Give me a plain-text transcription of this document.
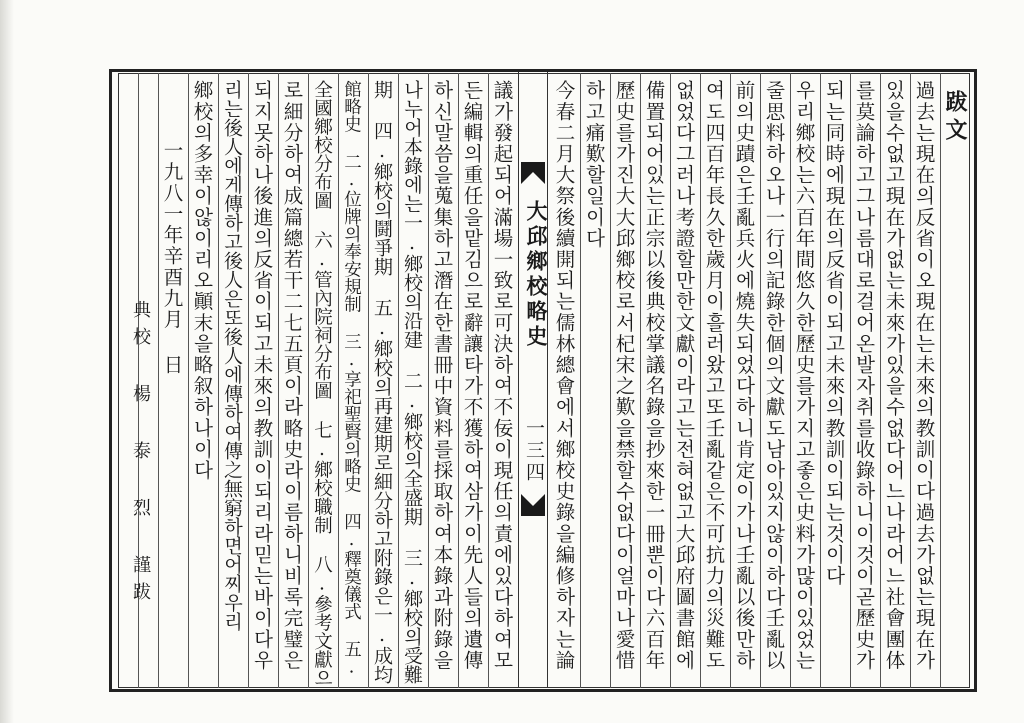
跋文
過去는現在의反省이오現在는未來의教訓이다過去가없는現在가
있을수없고現在가없는未來가있을수없다어느나라어느社會團体
를莫論하고그나름대로걸어온발자취를收錄하니이것이곧歷史가
되는同時에現在의反省이되고未來의教訓이되는것이다
우리鄉校는六百年間悠久한歷史를가지고좋은史料가많이있었는
줄思料하오나一行의記錄한個의文獻도남아있지않이하다壬亂以
前의史蹟은壬亂兵火에燒失되었다하니肯定이가나壬亂以後만하
여도四百年長久한歲月이흘러왔고또壬亂같은不可抗力의災難도
없었다그러나考證할만한文獻이라고는전혀없고大邱府圖書館에
備置되어있는正宗以後典校掌議名錄을抄來한一冊뿐이다六百年
歷史를가진大大邱鄉校로서杞宋之歎을禁할수없다이얼마나愛惜
하고痛歎할일이다
今春二月大祭後續開되는儒林總會에서鄉校史錄을編修하자는論
大邱鄉校略史
一三四
議가發起되어滿場一致로可決하여不佞이現任의責에있다하여모
든編輯의重任을맡김으로辭讓타가不獲하여삼가이先人들의遺傳
하신말씀을蒐集하고潛在한書冊中資料를採取하여本錄과附錄을
나누어本錄에는一.鄉校의沿建 二.鄉校의全盛期 三.鄉校의受難
期 四.鄉校의鬪爭期 五.鄉校의再建期로細分하고附錄은一.成均
館略史 二.位牌의奉安規制 三.享祀聖賢의略史 四.釋奠儀式 五.
全國鄉校分布圖 六.管內院祠分布圖 七.鄉校職制 八.參考文獻으
로細分하여成篇總若干二七五頁이라略史라이름하니비록完璧은
되지못하나後進의反省이되고未來의教訓이되리라믿는바이다우
리는後人에게傳하고後人은또後人에傳하여傳之無窮하면어찌우리
鄉校의多幸이않이리오顚末을略叙하나이다
一九八一年辛酉九月 日
典校 楊 泰 烈 謹跋
